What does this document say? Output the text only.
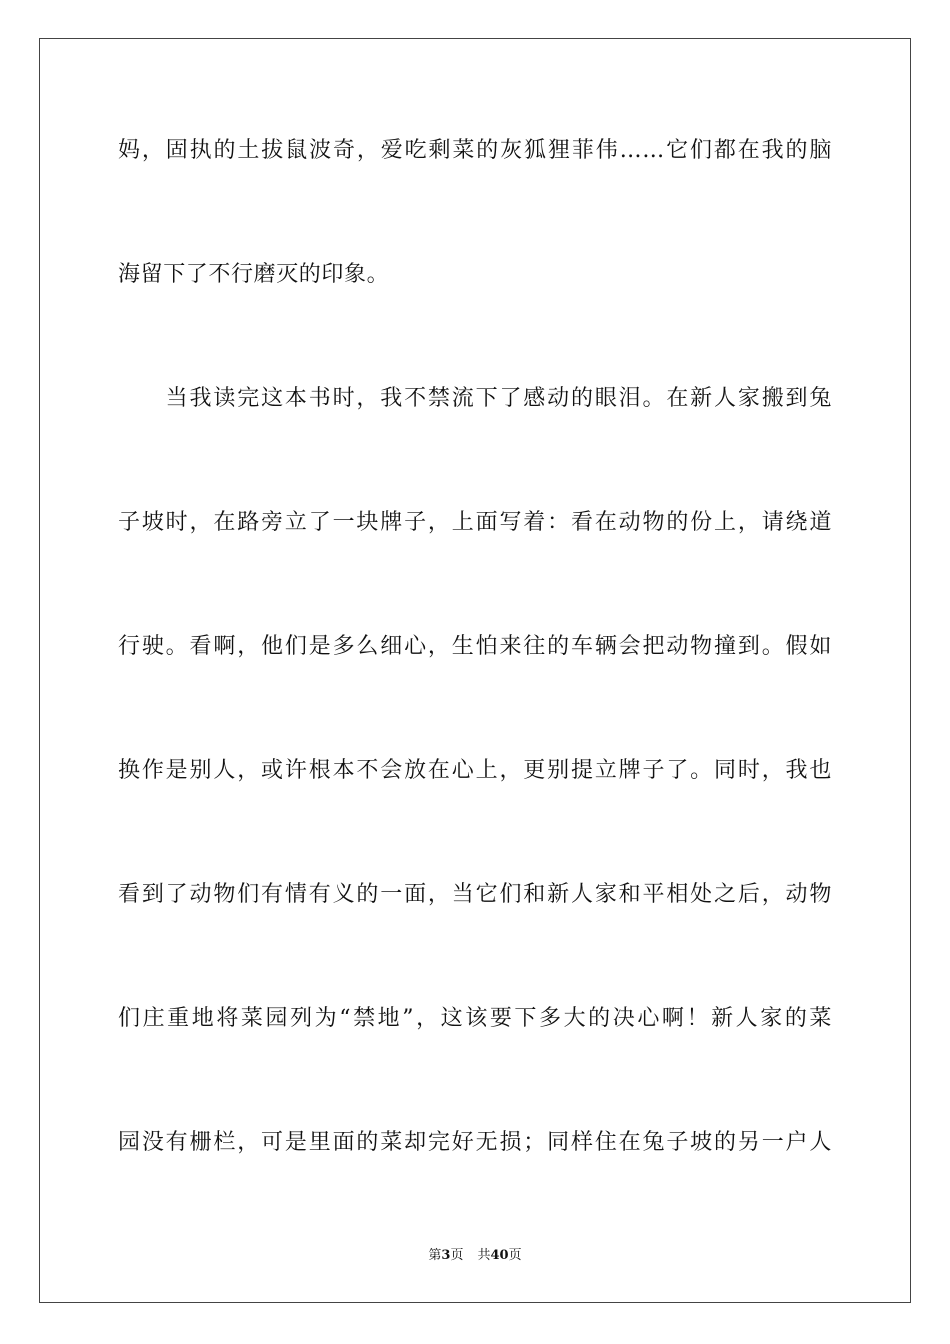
妈，固执的土拔鼠波奇，爱吃剩菜的灰狐狸菲伟……它们都在我的脑
海留下了不行磨灭的印象。
　　当我读完这本书时，我不禁流下了感动的眼泪。在新人家搬到兔
子坡时，在路旁立了一块牌子，上面写着：看在动物的份上，请绕道
行驶。看啊，他们是多么细心，生怕来往的车辆会把动物撞到。假如
换作是别人，或许根本不会放在心上，更别提立牌子了。同时，我也
看到了动物们有情有义的一面，当它们和新人家和平相处之后，动物
们庄重地将菜园列为“禁地”，这该要下多大的决心啊！新人家的菜
园没有栅栏，可是里面的菜却完好无损；同样住在兔子坡的另一户人
第3页 共40页
